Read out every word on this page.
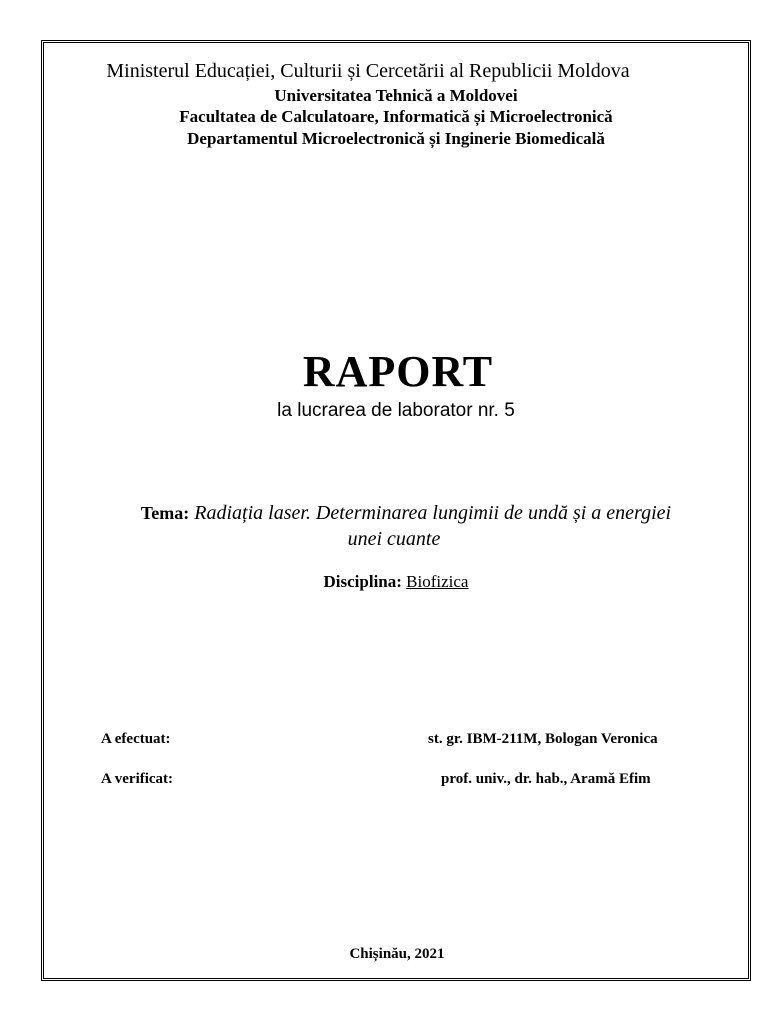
Ministerul Educației, Culturii și Cercetării al Republicii Moldova
Universitatea Tehnică a Moldovei
Facultatea de Calculatoare, Informatică și Microelectronică
Departamentul Microelectronică și Inginerie Biomedicală
RAPORT
la lucrarea de laborator nr. 5
Tema: Radiația laser. Determinarea lungimii de undă și a energiei
unei cuante
Disciplina: Biofizica
A efectuat:	st. gr. IBM-211M, Bologan Veronica
A verificat:	prof. univ., dr. hab., Aramă Efim
Chișinău, 2021
